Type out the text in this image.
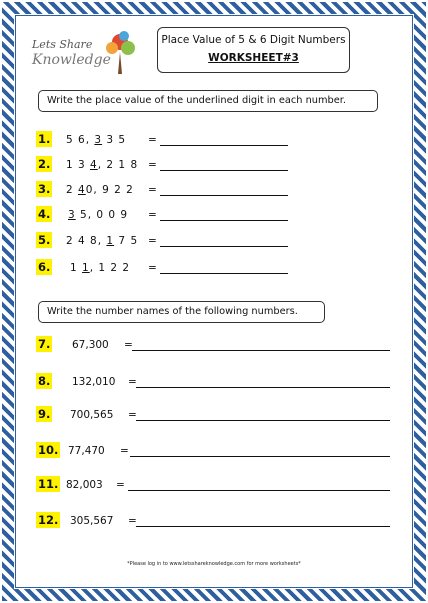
Lets Share
Knowledge
Place Value of 5 & 6 Digit Numbers
WORKSHEET#3
Write the place value of the underlined digit in each number.
1. 5 6, 3 3 5 =
2. 1 3 4, 2 1 8 =
3. 2 40, 9 2 2 =
4. 3 5, 0 0 9 =
5. 2 4 8, 1 7 5 =
6. 1 1, 1 2 2 =
Write the number names of the following numbers.
7. 67,300 =
8. 132,010 =
9. 700,565 =
10. 77,470 =
11. 82,003 =
12. 305,567 =
*Please log in to www.letsshareknowledge.com for more worksheets*
